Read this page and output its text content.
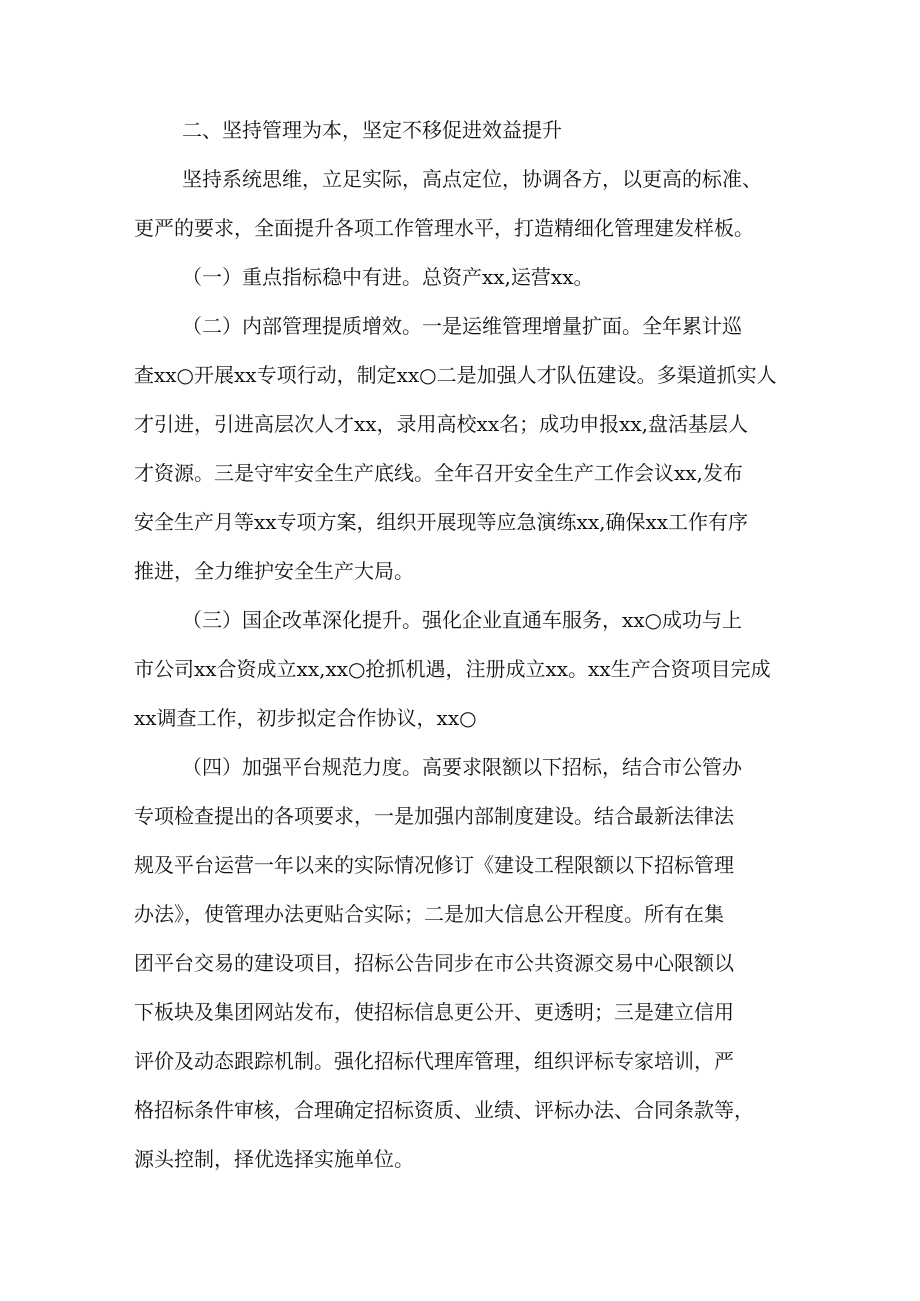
二、坚持管理为本，坚定不移促进效益提升
坚持系统思维，立足实际，高点定位，协调各方，以更高的标准、
更严的要求，全面提升各项工作管理水平，打造精细化管理建发样板。
（一）重点指标稳中有进。总资产xx,运营xx。
（二）内部管理提质增效。一是运维管理增量扩面。全年累计巡
查xx○开展xx专项行动，制定xx○二是加强人才队伍建设。多渠道抓实人
才引进，引进高层次人才xx，录用高校xx名；成功申报xx,盘活基层人
才资源。三是守牢安全生产底线。全年召开安全生产工作会议xx,发布
安全生产月等xx专项方案，组织开展现等应急演练xx,确保xx工作有序
推进，全力维护安全生产大局。
（三）国企改革深化提升。强化企业直通车服务，xx○成功与上
市公司xx合资成立xx,xx○抢抓机遇，注册成立xx。xx生产合资项目完成
xx调查工作，初步拟定合作协议，xx○
（四）加强平台规范力度。高要求限额以下招标，结合市公管办
专项检查提出的各项要求，一是加强内部制度建设。结合最新法律法
规及平台运营一年以来的实际情况修订《建设工程限额以下招标管理
办法》，使管理办法更贴合实际；二是加大信息公开程度。所有在集
团平台交易的建设项目，招标公告同步在市公共资源交易中心限额以
下板块及集团网站发布，使招标信息更公开、更透明；三是建立信用
评价及动态跟踪机制。强化招标代理库管理，组织评标专家培训，严
格招标条件审核，合理确定招标资质、业绩、评标办法、合同条款等，
源头控制，择优选择实施单位。
